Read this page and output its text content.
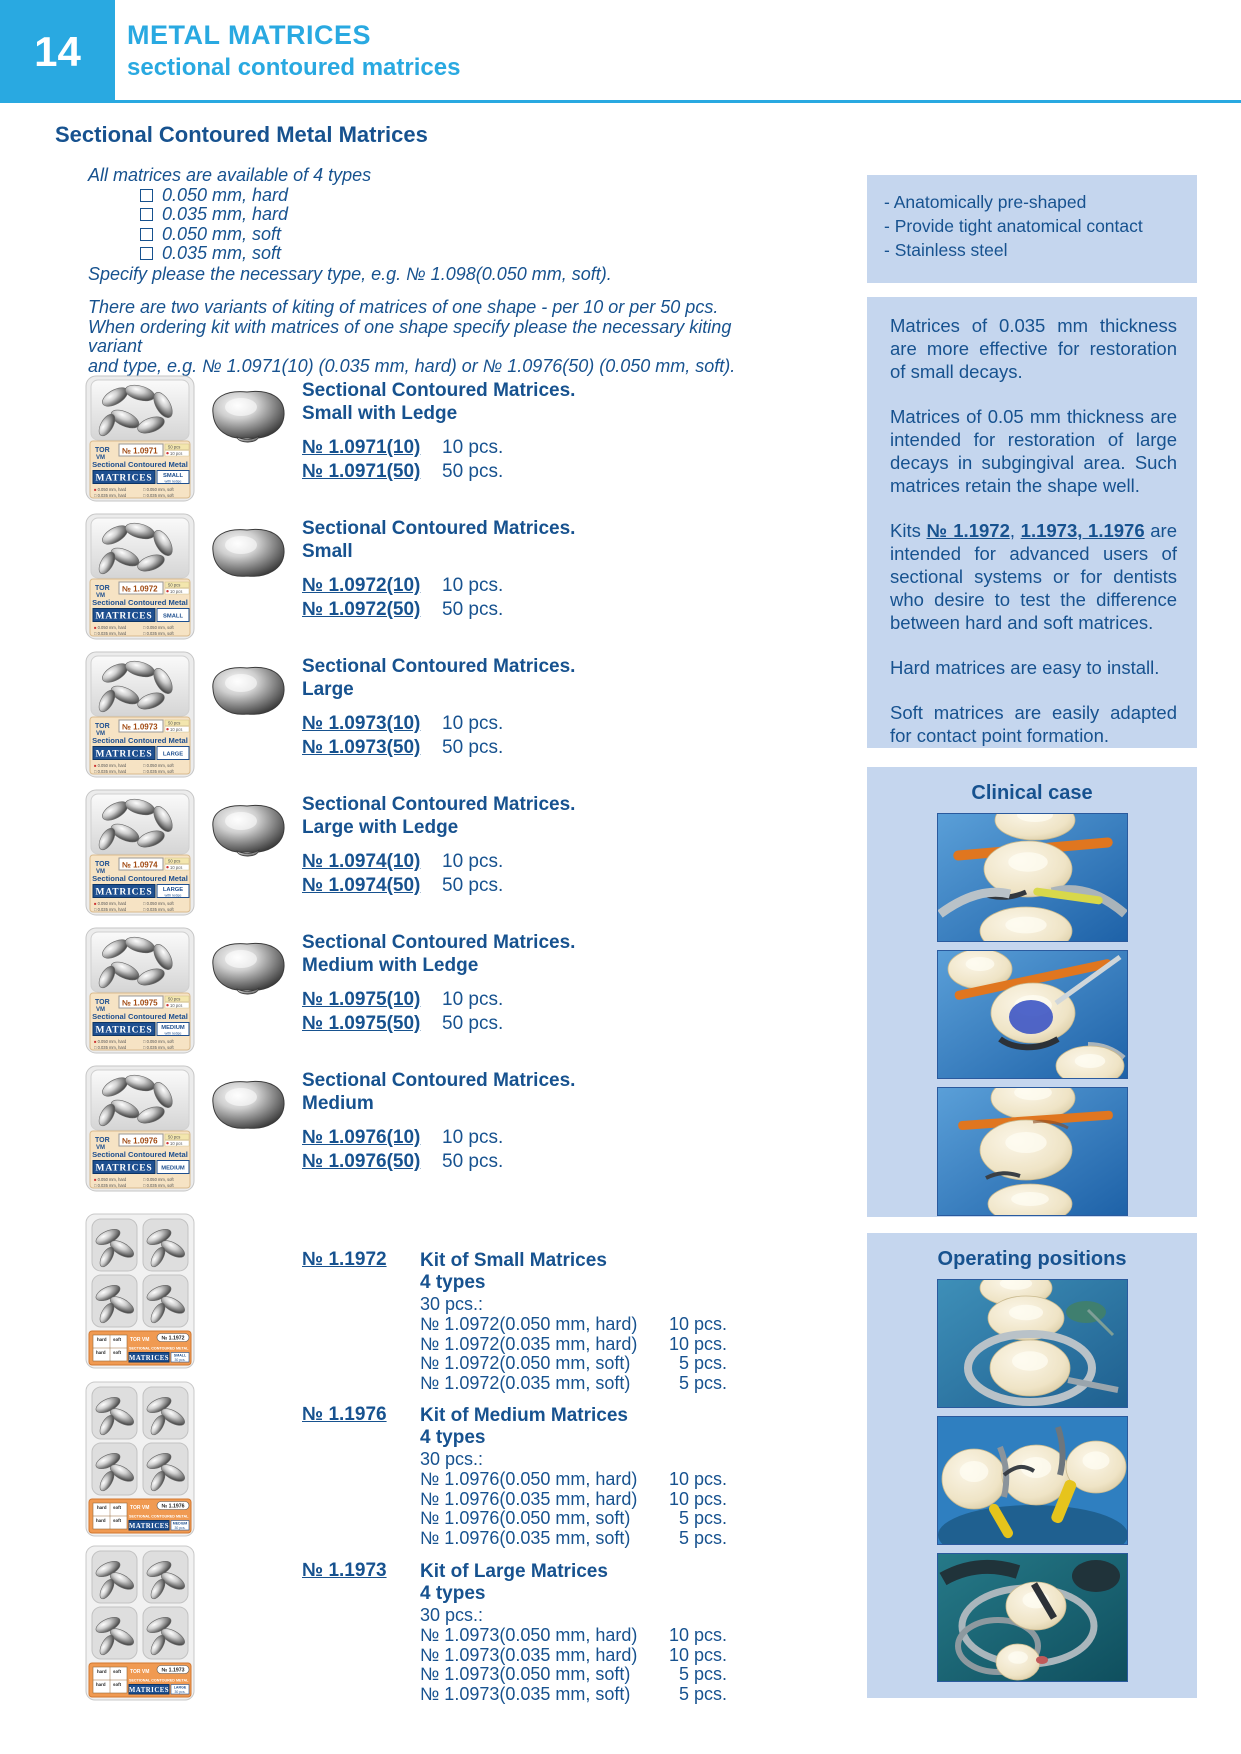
14 METAL MATRICES
sectional contoured matrices
Sectional Contoured Metal Matrices
All matrices are available of 4 types
0.050 mm, hard
0.035 mm, hard
0.050 mm, soft
0.035 mm, soft
Specify please the necessary type, e.g. № 1.098(0.050 mm, soft).
There are two variants of kiting of matrices of one shape - per 10 or per 50 pcs.
When ordering kit with matrices of one shape specify please the necessary kiting variant
and type, e.g. № 1.0971(10) (0.035 mm, hard) or № 1.0976(50) (0.050 mm, soft).
TOR
VM
№ 1.0971 50 pcs
10 pcs
Sectional Contoured Metal
MATRICES SMALL
with ledge
■ 0.050 mm, hard
□ 0.035 mm, hard
□ 0.050 mm, soft
□ 0.035 mm, soft
Sectional Contoured Matrices.
Small with Ledge
№ 1.0971(10) 10 pcs.
№ 1.0971(50) 50 pcs.
TOR
VM
№ 1.0972 50 pcs
10 pcs
Sectional Contoured Metal
MATRICES SMALL
■ 0.050 mm, hard
□ 0.035 mm, hard
□ 0.050 mm, soft
□ 0.035 mm, soft
Sectional Contoured Matrices.
Small
№ 1.0972(10) 10 pcs.
№ 1.0972(50) 50 pcs.
TOR
VM
№ 1.0973 50 pcs
10 pcs
Sectional Contoured Metal
MATRICES LARGE
■ 0.050 mm, hard
□ 0.035 mm, hard
□ 0.050 mm, soft
□ 0.035 mm, soft
Sectional Contoured Matrices.
Large
№ 1.0973(10) 10 pcs.
№ 1.0973(50) 50 pcs.
TOR
VM
№ 1.0974 50 pcs
10 pcs
Sectional Contoured Metal
MATRICES LARGE
with ledge
■ 0.050 mm, hard
□ 0.035 mm, hard
□ 0.050 mm, soft
□ 0.035 mm, soft
Sectional Contoured Matrices.
Large with Ledge
№ 1.0974(10) 10 pcs.
№ 1.0974(50) 50 pcs.
TOR
VM
№ 1.0975 50 pcs
10 pcs
Sectional Contoured Metal
MATRICES MEDIUM
with ledge
■ 0.050 mm, hard
□ 0.035 mm, hard
□ 0.050 mm, soft
□ 0.035 mm, soft
Sectional Contoured Matrices.
Medium with Ledge
№ 1.0975(10) 10 pcs.
№ 1.0975(50) 50 pcs.
TOR
VM
№ 1.0976 50 pcs
10 pcs
Sectional Contoured Metal
MATRICES MEDIUM
■ 0.050 mm, hard
□ 0.035 mm, hard
□ 0.050 mm, soft
□ 0.035 mm, soft
Sectional Contoured Matrices.
Medium
№ 1.0976(10) 10 pcs.
№ 1.0976(50) 50 pcs.
hard soft
hard soft
TOR VM № 1.1972
SECTIONAL CONTOURED METAL
MATRICES SMALL
30 pcs.
№ 1.1972 Kit of Small Matrices
4 types
30 pcs.:
№ 1.0972(0.050 mm, hard)	10 pcs.
№ 1.0972(0.035 mm, hard)	10 pcs.
№ 1.0972(0.050 mm, soft)	5 pcs.
№ 1.0972(0.035 mm, soft)	5 pcs.
hard soft
hard soft
TOR VM № 1.1976
SECTIONAL CONTOURED METAL
MATRICES MEDIUM
30 pcs.
№ 1.1976 Kit of Medium Matrices
4 types
30 pcs.:
№ 1.0976(0.050 mm, hard)	10 pcs.
№ 1.0976(0.035 mm, hard)	10 pcs.
№ 1.0976(0.050 mm, soft)	5 pcs.
№ 1.0976(0.035 mm, soft)	5 pcs.
hard soft
hard soft
TOR VM № 1.1973
SECTIONAL CONTOURED METAL
MATRICES LARGE
30 pcs.
№ 1.1973 Kit of Large Matrices
4 types
30 pcs.:
№ 1.0973(0.050 mm, hard)	10 pcs.
№ 1.0973(0.035 mm, hard)	10 pcs.
№ 1.0973(0.050 mm, soft)	5 pcs.
№ 1.0973(0.035 mm, soft)	5 pcs.
- Anatomically pre-shaped
- Provide tight anatomical contact
- Stainless steel

Matrices of 0.035 mm thickness are more effective for restoration of small decays.

Matrices of 0.05 mm thickness are intended for restoration of large decays in subgingival area. Such matrices retain the shape well.

Kits № 1.1972, 1.1973, 1.1976 are intended for advanced users of sectional systems or for dentists who desire to test the difference between hard and soft matrices.

Hard matrices are easy to install.

Soft matrices are easily adapted for contact point formation.

Clinical case
Operating positions
